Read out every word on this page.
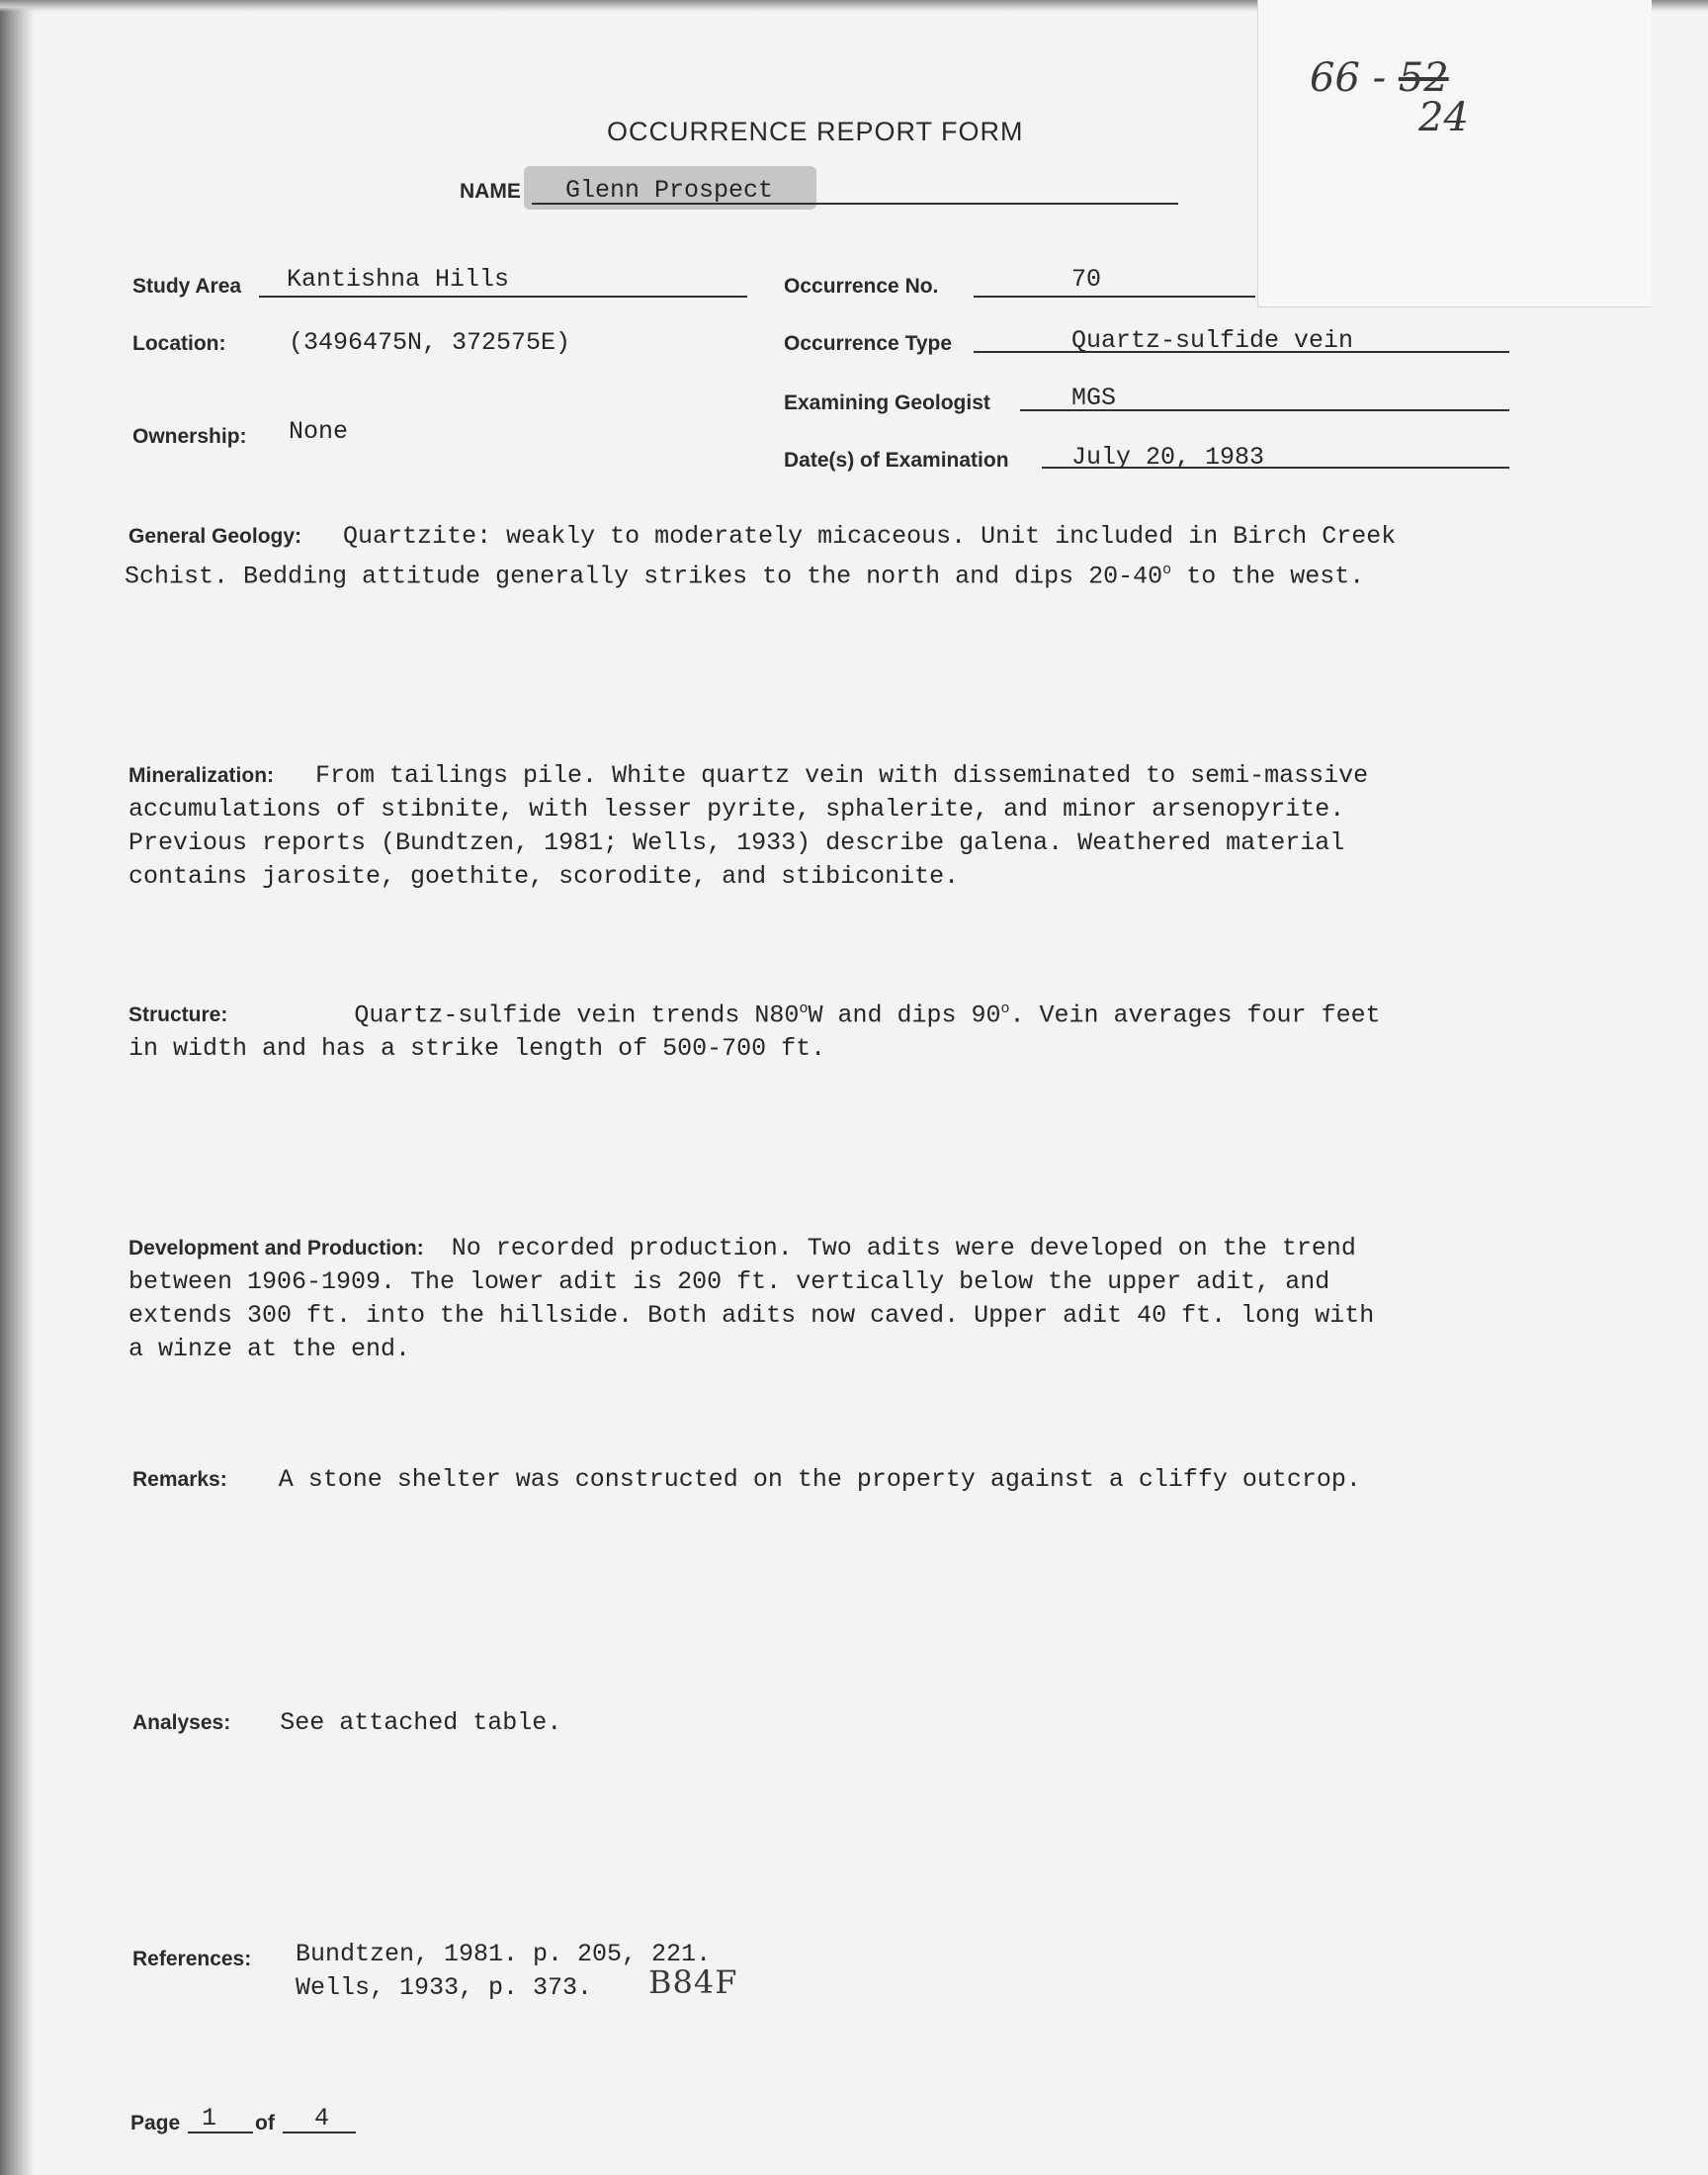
66 - 52
24
OCCURRENCE REPORT FORM
NAME Glenn Prospect
Study Area Kantishna Hills	Occurrence No.	70
Location:	(3496475N, 372575E)	Occurrence Type	Quartz-sulfide vein
Examining Geologist	MGS
Ownership: None
Date(s) of Examination	July 20, 1983
General Geology: Quartzite: weakly to moderately micaceous. Unit included in Birch Creek
Schist. Bedding attitude generally strikes to the north and dips 20-40$^o$ to the west.
Mineralization: From tailings pile. White quartz vein with disseminated to semi-massive
accumulations of stibnite, with lesser pyrite, sphalerite, and minor arsenopyrite.
Previous reports (Bundtzen, 1981; Wells, 1933) describe galena. Weathered material
contains jarosite, goethite, scorodite, and stibiconite.
Structure:	Quartz-sulfide vein trends N80$^o$W and dips 90$^o$. Vein averages four feet
in width and has a strike length of 500-700 ft.
Development and Production: No recorded production. Two adits were developed on the trend
between 1906-1909. The lower adit is 200 ft. vertically below the upper adit, and
extends 300 ft. into the hillside. Both adits now caved. Upper adit 40 ft. long with
a winze at the end.
Remarks: A stone shelter was constructed on the property against a cliffy outcrop.
Analyses: See attached table.
References: Bundtzen, 1981. p. 205, 221.
Wells, 1933, p. 373. B84F
Page 1 of 4
